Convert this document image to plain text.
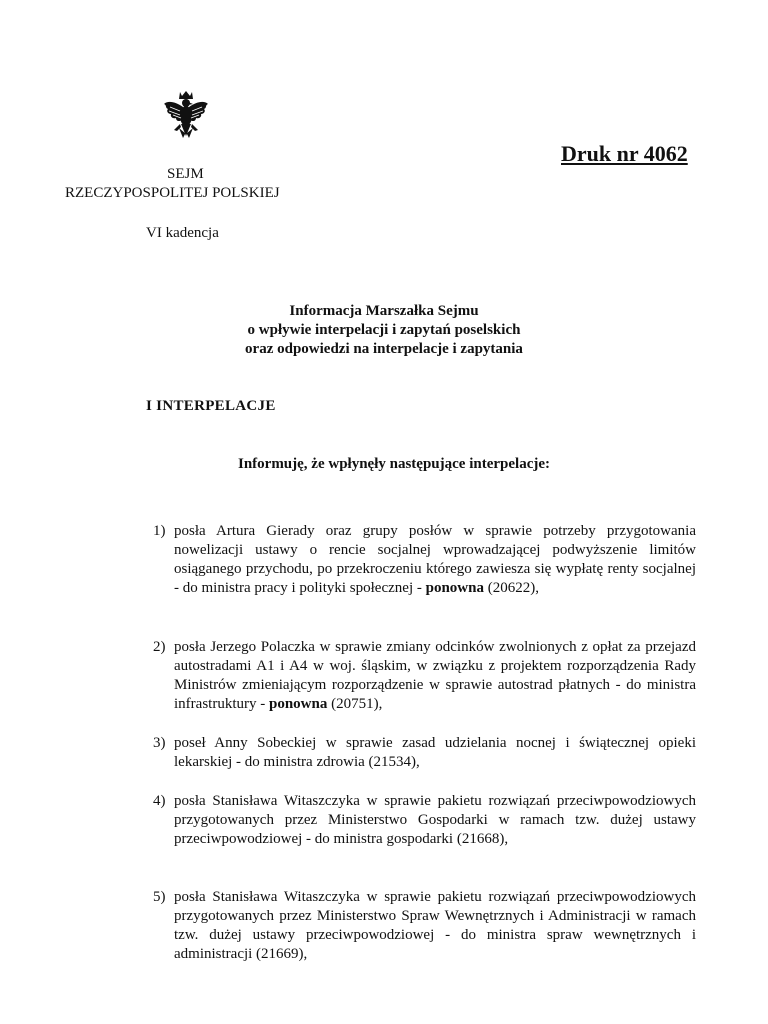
Druk nr 4062
SEJM
RZECZYPOSPOLITEJ POLSKIEJ
VI kadencja
Informacja Marszałka Sejmu
o wpływie interpelacji i zapytań poselskich
oraz odpowiedzi na interpelacje i zapytania
I INTERPELACJE
Informuję, że wpłynęły następujące interpelacje:
1) posła Artura Gierady oraz grupy posłów w sprawie potrzeby przygotowania nowelizacji ustawy o rencie socjalnej wprowadzającej podwyższenie limitów osiąganego przychodu, po przekroczeniu którego zawiesza się wypłatę renty socjalnej - do ministra pracy i polityki społecznej - ponowna (20622),
2) posła Jerzego Polaczka w sprawie zmiany odcinków zwolnionych z opłat za przejazd autostradami A1 i A4 w woj. śląskim, w związku z projektem rozporządzenia Rady Ministrów zmieniającym rozporządzenie w sprawie autostrad płatnych - do ministra infrastruktury - ponowna (20751),
3) poseł Anny Sobeckiej w sprawie zasad udzielania nocnej i świątecznej opieki lekarskiej - do ministra zdrowia (21534),
4) posła Stanisława Witaszczyka w sprawie pakietu rozwiązań przeciwpowodziowych przygotowanych przez Ministerstwo Gospodarki w ramach tzw. dużej ustawy przeciwpowodziowej - do ministra gospodarki (21668),
5) posła Stanisława Witaszczyka w sprawie pakietu rozwiązań przeciwpowodziowych przygotowanych przez Ministerstwo Spraw Wewnętrznych i Administracji w ramach tzw. dużej ustawy przeciwpowodziowej - do ministra spraw wewnętrznych i administracji (21669),
